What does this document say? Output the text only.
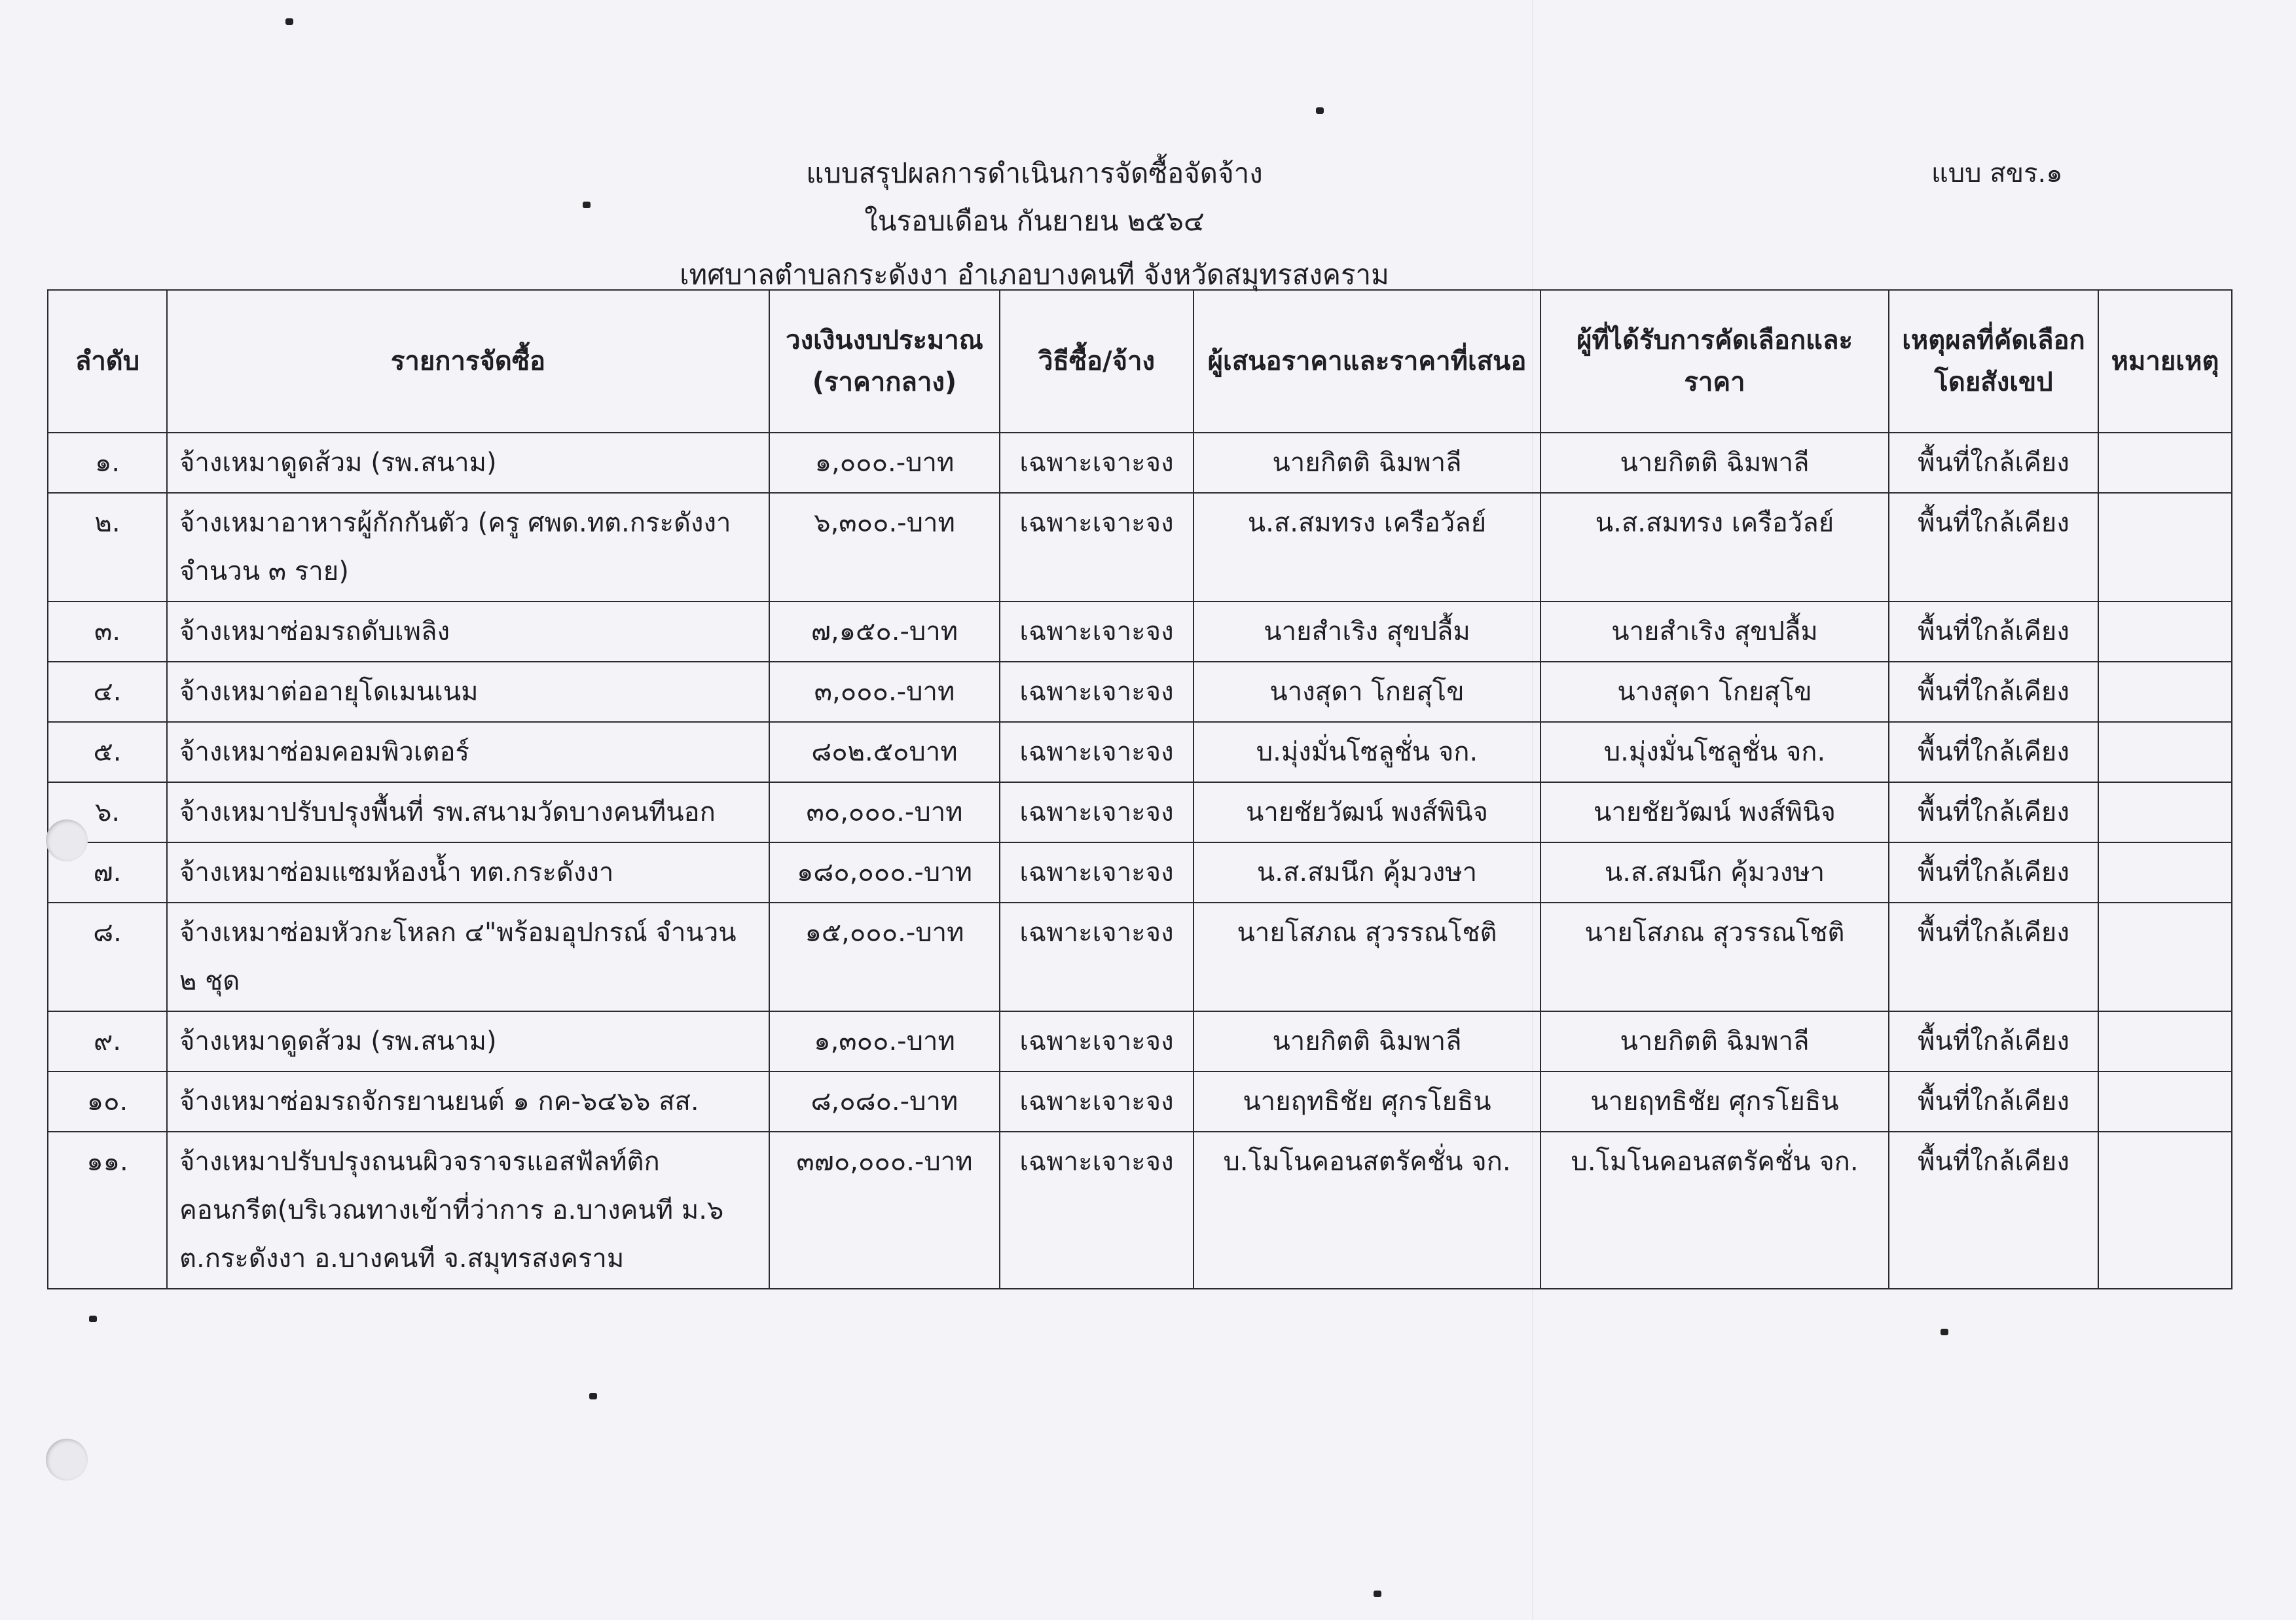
แบบ สขร.๑
แบบสรุปผลการดำเนินการจัดซื้อจัดจ้าง
ในรอบเดือน กันยายน ๒๕๖๔
เทศบาลตำบลกระดังงา อำเภอบางคนที จังหวัดสมุทรสงคราม
ลำดับ	รายการจัดซื้อ	วงเงินงบประมาณ (ราคากลาง)	วิธีซื้อ/จ้าง	ผู้เสนอราคาและราคาที่เสนอ	ผู้ที่ได้รับการคัดเลือกและราคา	เหตุผลที่คัดเลือกโดยสังเขป	หมายเหตุ
๑.	จ้างเหมาดูดส้วม (รพ.สนาม)	๑,๐๐๐.-บาท	เฉพาะเจาะจง	นายกิตติ ฉิมพาลี	นายกิตติ ฉิมพาลี	พื้นที่ใกล้เคียง	
๒.	จ้างเหมาอาหารผู้กักกันตัว (ครู ศพด.ทต.กระดังงา จำนวน ๓ ราย)	๖,๓๐๐.-บาท	เฉพาะเจาะจง	น.ส.สมทรง เครือวัลย์	น.ส.สมทรง เครือวัลย์	พื้นที่ใกล้เคียง	
๓.	จ้างเหมาซ่อมรถดับเพลิง	๗,๑๕๐.-บาท	เฉพาะเจาะจง	นายสำเริง สุขปลื้ม	นายสำเริง สุขปลื้ม	พื้นที่ใกล้เคียง	
๔.	จ้างเหมาต่ออายุโดเมนเนม	๓,๐๐๐.-บาท	เฉพาะเจาะจง	นางสุดา โกยสุโข	นางสุดา โกยสุโข	พื้นที่ใกล้เคียง	
๕.	จ้างเหมาซ่อมคอมพิวเตอร์	๘๐๒.๕๐บาท	เฉพาะเจาะจง	บ.มุ่งมั่นโซลูชั่น จก.	บ.มุ่งมั่นโซลูชั่น จก.	พื้นที่ใกล้เคียง	
๖.	จ้างเหมาปรับปรุงพื้นที่ รพ.สนามวัดบางคนทีนอก	๓๐,๐๐๐.-บาท	เฉพาะเจาะจง	นายชัยวัฒน์ พงส์พินิจ	นายชัยวัฒน์ พงส์พินิจ	พื้นที่ใกล้เคียง	
๗.	จ้างเหมาซ่อมแซมห้องน้ำ ทต.กระดังงา	๑๘๐,๐๐๐.-บาท	เฉพาะเจาะจง	น.ส.สมนึก คุ้มวงษา	น.ส.สมนึก คุ้มวงษา	พื้นที่ใกล้เคียง	
๘.	จ้างเหมาซ่อมหัวกะโหลก ๔"พร้อมอุปกรณ์ จำนวน ๒ ชุด	๑๕,๐๐๐.-บาท	เฉพาะเจาะจง	นายโสภณ สุวรรณโชติ	นายโสภณ สุวรรณโชติ	พื้นที่ใกล้เคียง	
๙.	จ้างเหมาดูดส้วม (รพ.สนาม)	๑,๓๐๐.-บาท	เฉพาะเจาะจง	นายกิตติ ฉิมพาลี	นายกิตติ ฉิมพาลี	พื้นที่ใกล้เคียง	
๑๐.	จ้างเหมาซ่อมรถจักรยานยนต์ ๑ กค-๖๔๖๖ สส.	๘,๐๘๐.-บาท	เฉพาะเจาะจง	นายฤทธิชัย ศุกรโยธิน	นายฤทธิชัย ศุกรโยธิน	พื้นที่ใกล้เคียง	
๑๑.	จ้างเหมาปรับปรุงถนนผิวจราจรแอสฟัลท์ติก คอนกรีต(บริเวณทางเข้าที่ว่าการ อ.บางคนที ม.๖ ต.กระดังงา อ.บางคนที จ.สมุทรสงคราม	๓๗๐,๐๐๐.-บาท	เฉพาะเจาะจง	บ.โมโนคอนสตรัคชั่น จก.	บ.โมโนคอนสตรัคชั่น จก.	พื้นที่ใกล้เคียง	
